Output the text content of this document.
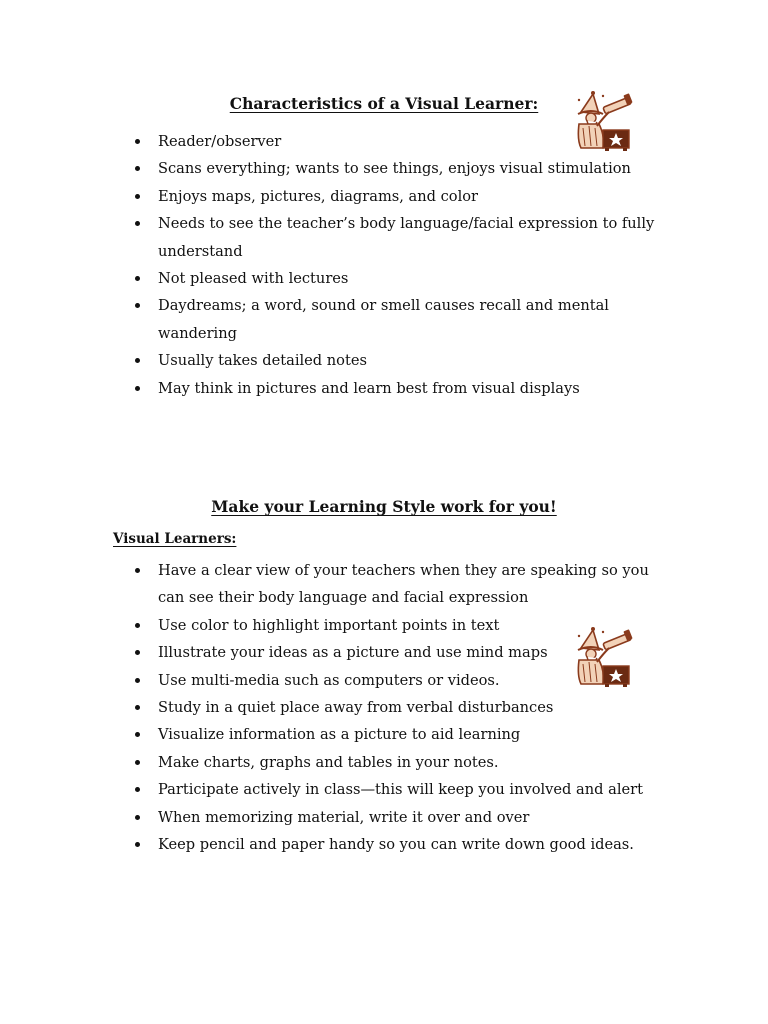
Characteristics of a Visual Learner:
Reader/observer
Scans everything; wants to see things, enjoys visual stimulation
Enjoys maps, pictures, diagrams, and color
Needs to see the teacher’s body language/facial expression to fully understand
Not pleased with lectures
Daydreams; a word, sound or smell causes recall and mental wandering
Usually takes detailed notes
May think in pictures and learn best from visual displays
Make your Learning Style work for you!
Visual Learners:
Have a clear view of your teachers when they are speaking so you can see their body language and facial expression
Use color to highlight important points in text
Illustrate your ideas as a picture and use mind maps
Use multi-media such as computers or videos.
Study in a quiet place away from verbal disturbances
Visualize information as a picture to aid learning
Make charts, graphs and tables in your notes.
Participate actively in class—this will keep you involved and alert
When memorizing material, write it over and over
Keep pencil and paper handy so you can write down good ideas.
